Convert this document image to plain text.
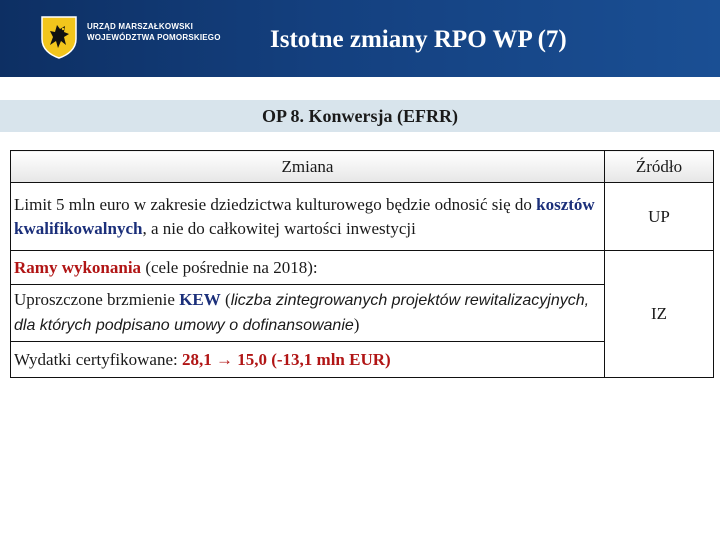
URZĄD MARSZAŁKOWSKI
WOJEWÓDZTWA POMORSKIEGO Istotne zmiany RPO WP (7)
OP 8. Konwersja (EFRR)
Zmiana	Źródło
Limit 5 mln euro w zakresie dziedzictwa kulturowego będzie odnosić się do kosztów kwalifikowalnych, a nie do całkowitej wartości inwestycji	UP
Ramy wykonania (cele pośrednie na 2018):	IZ
Uproszczone brzmienie KEW (liczba zintegrowanych projektów rewitalizacyjnych, dla których podpisano umowy o dofinansowanie)	
Wydatki certyfikowane: 28,1 → 15,0 (-13,1 mln EUR)	
